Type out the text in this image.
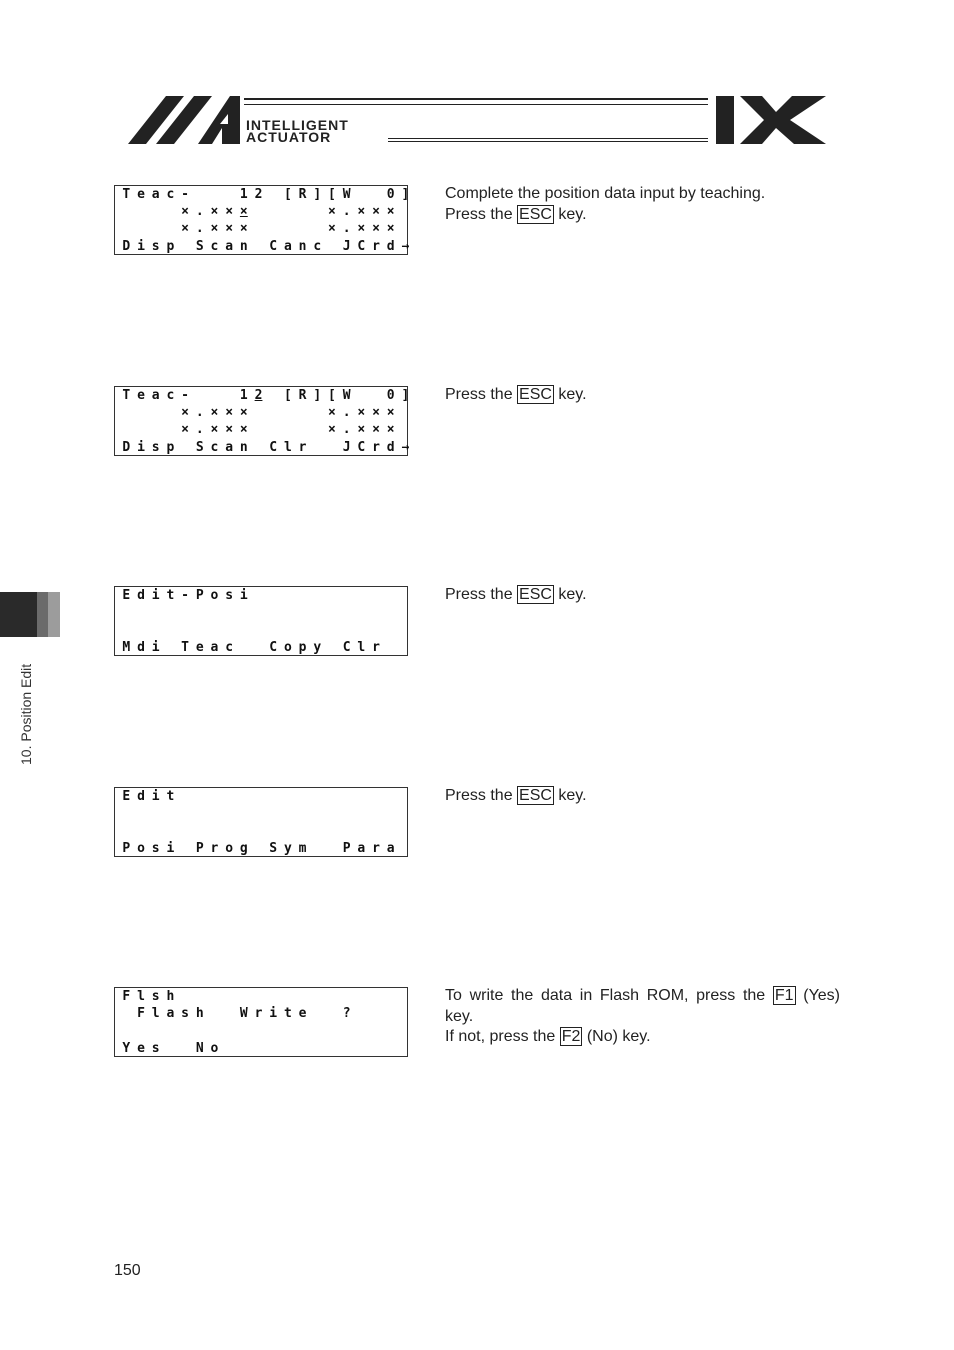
INTELLIGENT
ACTUATOR
T e a c -	1 2 [ R ] [ W	0 ]
× . × × ×	× . × × ×
× . × × ×	× . × × ×
D i s p S c a n C a n c J C r d →

Complete the position data input by teaching.

Press the ESC key.

T e a c -	1 2 [ R ] [ W	0 ]
× . × × ×	× . × × ×
× . × × ×	× . × × ×
D i s p S c a n C l r	J C r d →

Press the ESC key.

E d i t - P o s i

M d i T e a c	C o p y C l r

Press the ESC key.

E d i t

P o s i P r o g S y m	P a r a

Press the ESC key.

F l s h
F l a s h	W r i t e	?

Y e s	N o

To write the data in Flash ROM, press the F1 (Yes)

key.

If not, press the F2 (No) key.

10. Position Edit
150
